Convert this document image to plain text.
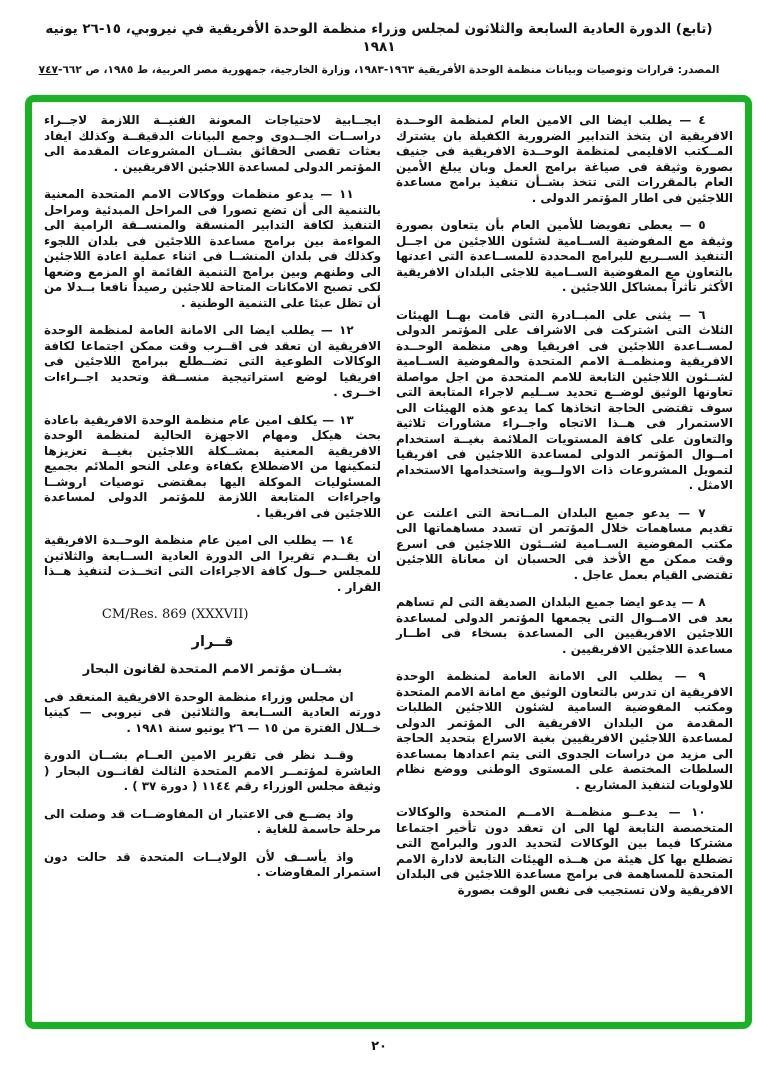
(تابع) الدورة العادية السابعة والثلاثون لمجلس وزراء منظمة الوحدة الأفريقية في نيروبي، ١٥-٢٦ يونيه ١٩٨١
المصدر: قرارات وتوصيات وبيانات منظمة الوحدة الأفريقية ١٩٦٣-١٩٨٣، وزارة الخارجية، جمهورية مصر العربية، ط ١٩٨٥، ص ٦٦٢-٧٤٧

٤ — يطلب ايضا الى الامين العام لمنظمة الوحــدة الافريقية ان يتخذ التدابير الضرورية الكفيلة بان يشترك المــكتب الاقليمى لمنظمة الوحــدة الافريقية فى جنيف بصورة وثيقة فى صياغة برامج العمل وبان يبلغ الأمين العام بالمقررات التى تتخذ بشــأن تنفيذ برامج مساعدة اللاجئين فى اطار المؤتمر الدولى .

٥ — يعطى تفويضا للأمين العام بأن يتعاون بصورة وثيقة مع المفوضية الســامية لشئون اللاجئين من اجــل التنفيذ الســريع للبرامج المحددة للمســاعدة التى اعدتها بالتعاون مع المفوضية الســامية للاجئى البلدان الافريقية الأكثر تأثراً بمشاكل اللاجئين .

٦ — يثنى على المبــادرة التى قامت بهــا الهيئات الثلاث التى اشتركت فى الاشراف على المؤتمر الدولى لمســاعدة اللاجئين فى افريقيا وهى منظمة الوحــدة الافريقية ومنظمــة الامم المتحدة والمفوضية الســامية لشــئون اللاجئين التابعة للامم المتحدة من اجل مواصلة تعاونها الوثيق لوضــع تحديد ســليم لاجراء المتابعة التى سوف تقتضى الحاجة اتخاذها كما يدعو هذه الهيئات الى الاستمرار فى هــذا الاتجاه واجــراء مشاورات ثلاثية والتعاون على كافة المستويات الملائمة بغيــة استخدام امــوال المؤتمر الدولى لمساعدة اللاجئين فى افريقيا لتمويل المشروعات ذات الاولــوية واستخدامها الاستخدام الامثل .

٧ — يدعو جميع البلدان المــانحة التى اعلنت عن تقديم مساهمات خلال المؤتمر ان تسدد مساهماتها الى مكتب المفوضية الســامية لشــئون اللاجئين فى اسرع وقت ممكن مع الأخذ فى الحسبان ان معاناة اللاجئين تقتضى القيام بعمل عاجل .

٨ — يدعو ايضا جميع البلدان الصديقة التى لم تساهم بعد فى الامــوال التى يجمعها المؤتمر الدولى لمساعدة اللاجئين الافريقيين الى المساعدة بسخاء فى اطــار مساعدة اللاجئين الافريقيين .

٩ — يطلب الى الامانة العامة لمنظمة الوحدة الافريقية ان تدرس بالتعاون الوثيق مع امانة الامم المتحدة ومكتب المفوضية السامية لشئون اللاجئين الطلبات المقدمة من البلدان الافريقية الى المؤتمر الدولى لمساعدة اللاجئين الافريقيين بغية الاسراع بتحديد الحاجة الى مزيد من دراسات الجدوى التى يتم اعدادها بمساعدة السلطات المختصة على المستوى الوطنى ووضع نظام للاولويات لتنفيذ المشاريع .

١٠ — يدعــو منظمــة الامــم المتحدة والوكالات المتخصصة التابعة لها الى ان تعقد دون تأخير اجتماعا مشتركا فيما بين الوكالات لتحديد الدور والبرامج التى تضطلع بها كل هيئة من هــذه الهيئات التابعة لادارة الامم المتحدة للمساهمة فى برامج مساعدة اللاجئين فى البلدان الافريقية ولان تستجيب فى نفس الوقت بصورة

ايجــابية لاحتياجات المعونة الفنيــة اللازمة لاجــراء دراســات الجــدوى وجمع البيانات الدقيقــة وكذلك ايفاد بعثات تقصى الحقائق بشــان المشروعات المقدمة الى المؤتمر الدولى لمساعدة اللاجئين الافريقيين .

١١ — يدعو منظمات ووكالات الامم المتحدة المعنية بالتنمية الى أن تضع تصورا فى المراحل المبدئية ومراحل التنفيذ لكافة التدابير المنسقة والمنســقة الرامية الى المواءمة بين برامج مساعدة اللاجئين فى بلدان اللجوء وكذلك فى بلدان المنشــا فى اثناء عملية اعادة اللاجئين الى وطنهم وبين برامج التنمية القائمة او المزمع وضعها لكى تصبح الامكانات المتاحة للاجئين رصيداً نافعا بــدلا من أن تظل عبئا على التنمية الوطنية .

١٢ — يطلب ايضا الى الامانة العامة لمنظمة الوحدة الافريقية ان تعقد فى اقــرب وقت ممكن اجتماعا لكافة الوكالات الطوعية التى تضــطلع ببرامج اللاجئين فى افريقيا لوضع استراتيجية منســقة وتحديد اجــراءات اخــرى .

١٣ — يكلف امين عام منظمة الوحدة الافريقية باعادة بحث هيكل ومهام الاجهزة الحالية لمنظمة الوحدة الافريقية المعنية بمشــكلة اللاجئين بغيــة تعزيزها لتمكينها من الاضطلاع بكفاءة وعلى النحو الملائم بجميع المسئوليات الموكلة اليها بمقتضى توصيات اروشــا واجراءات المتابعة اللازمة للمؤتمر الدولى لمساعدة اللاجئين فى افريقيا .

١٤ — يطلب الى امين عام منظمة الوحــدة الافريقية ان يقــدم تقريرا الى الدورة العادية الســابعة والثلاثين للمجلس حــول كافة الاجراءات التى اتخــذت لتنفيذ هــذا القرار .

CM/Res. 869 (XXXVII)

قــرار

بشــان مؤتمر الامم المتحدة لقانون البحار

ان مجلس وزراء منظمة الوحدة الافريقية المنعقد فى دورته العادية الســابعة والثلاثين فى نيروبى — كينيا خــلال الفترة من ١٥ — ٢٦ يونيو سنة ١٩٨١ .

وقــد نظر فى تقرير الامين العــام بشــان الدورة العاشرة لمؤتمــر الامم المتحدة الثالث لقانــون البحار ( وثيقة مجلس الوزراء رقم ١١٤٤ ( دورة ٣٧ ) .

واذ يضــع فى الاعتبار ان المفاوضــات قد وصلت الى مرحلة حاسمة للغاية .

واذ يأســف لأن الولايــات المتحدة قد حالت دون استمرار المفاوضات .

٢٠
